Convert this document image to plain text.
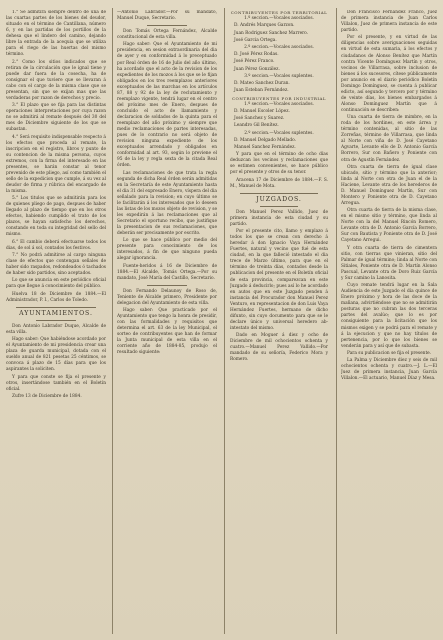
1.° Se admitirá siempre dentro de una de las cuartas partes de los bienes del deudor, situado en el término de Cantillana, número 6, y en las partidas de los portillos de la dehesa que el lindero del camino, dejando libre la entrada de la acequia que se utiliza para el riego de las huertas del mismo término.

2.° Como los sitios indicados que se retiran de la circulación que le ignal tiene y puede dar fuera de la cosecha, ha de consignar el que tuviere que se llevaran á cabo con el cargo de la misma clase que se presentan, sin que se exijan mas que las verdaderas por razon de derechos y precio.

3.° El plazo que se fija para las distintas operaciones interpretaciones por cuya razon no se admitirá al remate después del 30 del mes de Diciembre siguiente de los que se subastan.

4.° Será requisito indispensable respecto á los efectos que proceda al remate, la inscripcion en el registro, libros y punto de su contencion de la misma persona, cuyos extremos, con la firma del interesado en las presentes, se harán constar al tenor prevenido de este pliego, así como también el sello de la expedicion que cumple, á su vez al deudor de firma y rúbrica del encargado de la misma.

5.° Los titulos que se admitirán para los de quienes pliego de pago, despues de haber llegado al plazo de tiempo que en los otros efectos, habiendo cumplido el trato de los plazos, se hayan satisfecho los derechos, constando en toda su integridad del sello del mismo.

6.° El cambio deberá efectuarse todos los dias, de sol á sol, contados los festivos.

7.° No podrá admitirse al cargo ninguna clase de efectos que contengan señales de haber sido raspados, redondeados ó tachados de haber sido partidos, sino aceptados.

Lo que se anuncia en este periódico oficial para que llegue á conocimiento del público.

Huelva 18 de Diciembre de 1884.—El Administrador, P. I., Carlos de Toledo.

AYUNTAMIENTOS.

Don Antonio Labrador Duque, Alcalde de esta villa.

Hago saber: Que habiéndose acordado por el Ayuntamiento de mi presidencia crear una plaza de guarda municipal, dotada con el sueldo anual de 821 pesetas 25 céntimos, se convoca á plazo de 15 días para que los aspirantes la soliciten.

Y para que conste se fija el presente y otros, insertándose también en el Boletín oficial.

Zufre 13 de Diciembre de 1884.

—Antonio Labrador.—Por su mandato, Manuel Duque, Secretario.

Don Tomás Ortega Fernández, Alcalde constitucional de esta villa.

Hago saber: Que el Ayuntamiento de mi presidencia, en sesion extraordinaria del dia de ayer y en conformidad á lo preceptuado por Real órden de 16 de Julio del año último, ha acordado que el acto de la revision de los expedientes de los mozos á los que se le fijan obligados en los tres reemplazos anteriores exceptuados de las marchas en los artículos 87, 88 y 92 de la ley de reclutamiento y reemplazo vigente, tendrá lugar en el centro del próximo mes de Enero, despues de concluido el acto de llamamiento y declaracion de soldados de la quinta para el reemplazo del año próximo y siempre que medio reclamaciones de partes interesadas, pues de lo contrario no será objeto de revision ninguna expediente de los exceptuados arrendado y obligados en conformidad al art. 93, según lo previene el 95 de la ley y regla sexta de la citada Real órden.

Las reclamaciones de que trata la regla segunda de dicha Real órden serán admitidas en la Secretaría de este Ayuntamiento hasta el dia 31 del expresado Enero, víspera del dia señalado para la revision; en cuyo último se le facilitarán á los interesados que lo deseen las listas de los mozos objeto de revision, y se les expedirán á las reclamaciones que al Secretario el oportuno recibo, que justifique la presentacion de sus reclamaciones, que deberán ser precisamente por escrito.

Lo que se hace público por medio del presente para conocimiento de los interesados, á fin de que ninguno pueda alegar ignorancia.

Fuente-heridos á 16 de Diciembre de 1884.—El Alcalde, Tomás Ortega.—Por su mandato, José María del Castillo, Secretario.

Don Fernando Delaunoy de Roso de, Teniente de Alcalde primero, Presidente por delegacion del Ayuntamiento de esta villa.

Hago saber: Que practicado por el Ayuntamiento que tengo la honra de presidir, con las formalidades y requisitos que determina el art. 63 de la ley Municipal, el sorteo de contribuyentes que han de formar la Junta municipal de esta villa en el corriente año de 1884-85, produjo el resultado siguiente:

CONTRIBUYENTES POR TERRITORIAL

1.º seccion.—Vocales asociados.

D. Andrés Marques Garzon.

Juan Rodriguez Sanchez Marrero.

José Garcia Ortega.

2.º seccion.—Vocales asociados.

D. José Pérez Rodas.

José Pérez Franco.

Juan Pérez González.

3.º seccion.—Vocales suplentes.

D. Mateo Sanchez Duran.

Juan Esteban Fernández.

CONTRIBUYENTES POR INDUSTRIAL

1.º seccion.—Vocales asociados.

D. Manuel Escoler López.

José Sanchez y Suarez.

Leandro Gil Benítez.

2.º seccion.—Vocales suplentes.

D. Manuel Delgado Mellado.

Manuel Sanchez Fernández.

Y para que en el término de ocho días deduzcan los vecinos y reclamaciones que se estimen convenientes, se hace público por el presente y otros de su tenor.

Aracena 17 de Diciembre de 1884.—F. S. M., Manuel de Mota.

JUZGADOS.

Don Manuel Perez Vallido, Juez de primera instancia de esta ciudad y su partido.

Por el presente cito, llamo y emplazo á todos los que se crean con derecho á heredar á don Ignacio Vaya Hernández Fuertes, natural y vecino que fué de esta ciudad, en la que falleció intestado el dia trece de Marzo último, para que en el término de treinta días, contados desde la publicacion del presente en el Boletín oficial de esta provincia, comparezcan en este Juzgado á deducirlo; pues así lo he acordado en autos que en este Juzgado penden á instancia del Procurador don Manuel Perez Venturo, en representacion de don Luis Vaya Hernández Fuertes, hermano de dicho difunto, sin cuyo documento para que se le declare único y universal heredero ab-intestato del mismo.

Dado en Moguer á diez y ocho de Diciembre de mil ochocientos ochenta y cuatro.—Manuel Perez Vallido.—Por mandado de su señoría, Federico Mora y Romero.

Don Francisco Fernández Franco, Juez de primera instancia de Juan Carlos Villalon, Juez de primera instancia de este partido.

Por el presente, y en virtud de las diligencias sobre averiguaciones seguidas en virtud de esta sumaria, á los efectos y ciudadanos de Alonso Benítez que Martín contra Vicente Domínguez Martín y otros, vecinos de Villarrasa, sobre inclusion de bienes á los sucesores, cítese públicamente por anuncio en el diario periódico Boletín Domingo Domínguez, se cuenta á publicar edicto, así segundo y tercero por y término de veinte días, los bienes embargados á Alonso Domínguez Martín que á continuación se describen:

Una cuarta de tierra de mimbre, en la roda de los hordines, en este árrea y término contenidas, al sitio de las Zorreñas, término de Villarrasa, que linda al Norte con viña de D. José Cayetano Agvarte, Levante ello de D. Antonio García Borrero, Sur con Bañero y Poniente con otra de Agustín Fernández.

Otra cuarta de tierra de igual clase ubicado, sitio y término que la anterior; linda al Norte con otra de Juan el de la Haciene, Levante otra de los herederos de D. Manuel Domínguez Martín, Sur con Montero y Poniente otra de D. Cayetano Arregua.

Otra cuarta de tierra de la misma clase, en el mismo sitio y término, que linda al Norte con la del Manuel Rincón Romero, Levante otra de D. Antonio García Borrero, Sur con Bautista y Poniente otra de D. José Cayetano Arregui.

Y otra cuarta de tierra de cimentera sitio, con tierras que vinieran, sitio del Palmar de igual término; linda al Norte con Sitiales, Poniente otra de D. Martín Alonso Pascual, Levante otra de Doro Ruiz García y Sur camino la Lanosita.

Cuyo remate tendrá lugar en la Sala Audiencia de este Juzgado el día quince de Enero próximo y hora de las doce de la mañana, advirtiéndose que no se admitirán posturas que no cubran las dos terceras partes del avalúo; que lo es por consiguiente para la licitación que los mismos exigen y se podrá para el remate y á la ejecucion y que no hay títulos de pertenencia, por lo que los bienes se venderán para y así que de subasta.

Para su publicacion se fija el presente.

La Palma y Diciembre diez y seis de mil ochocientos ochenta y cuatro.—J. L.—El Juez de primera instancia, Juan García Villalon.—El actuario, Manuel Díaz y Mesa.
